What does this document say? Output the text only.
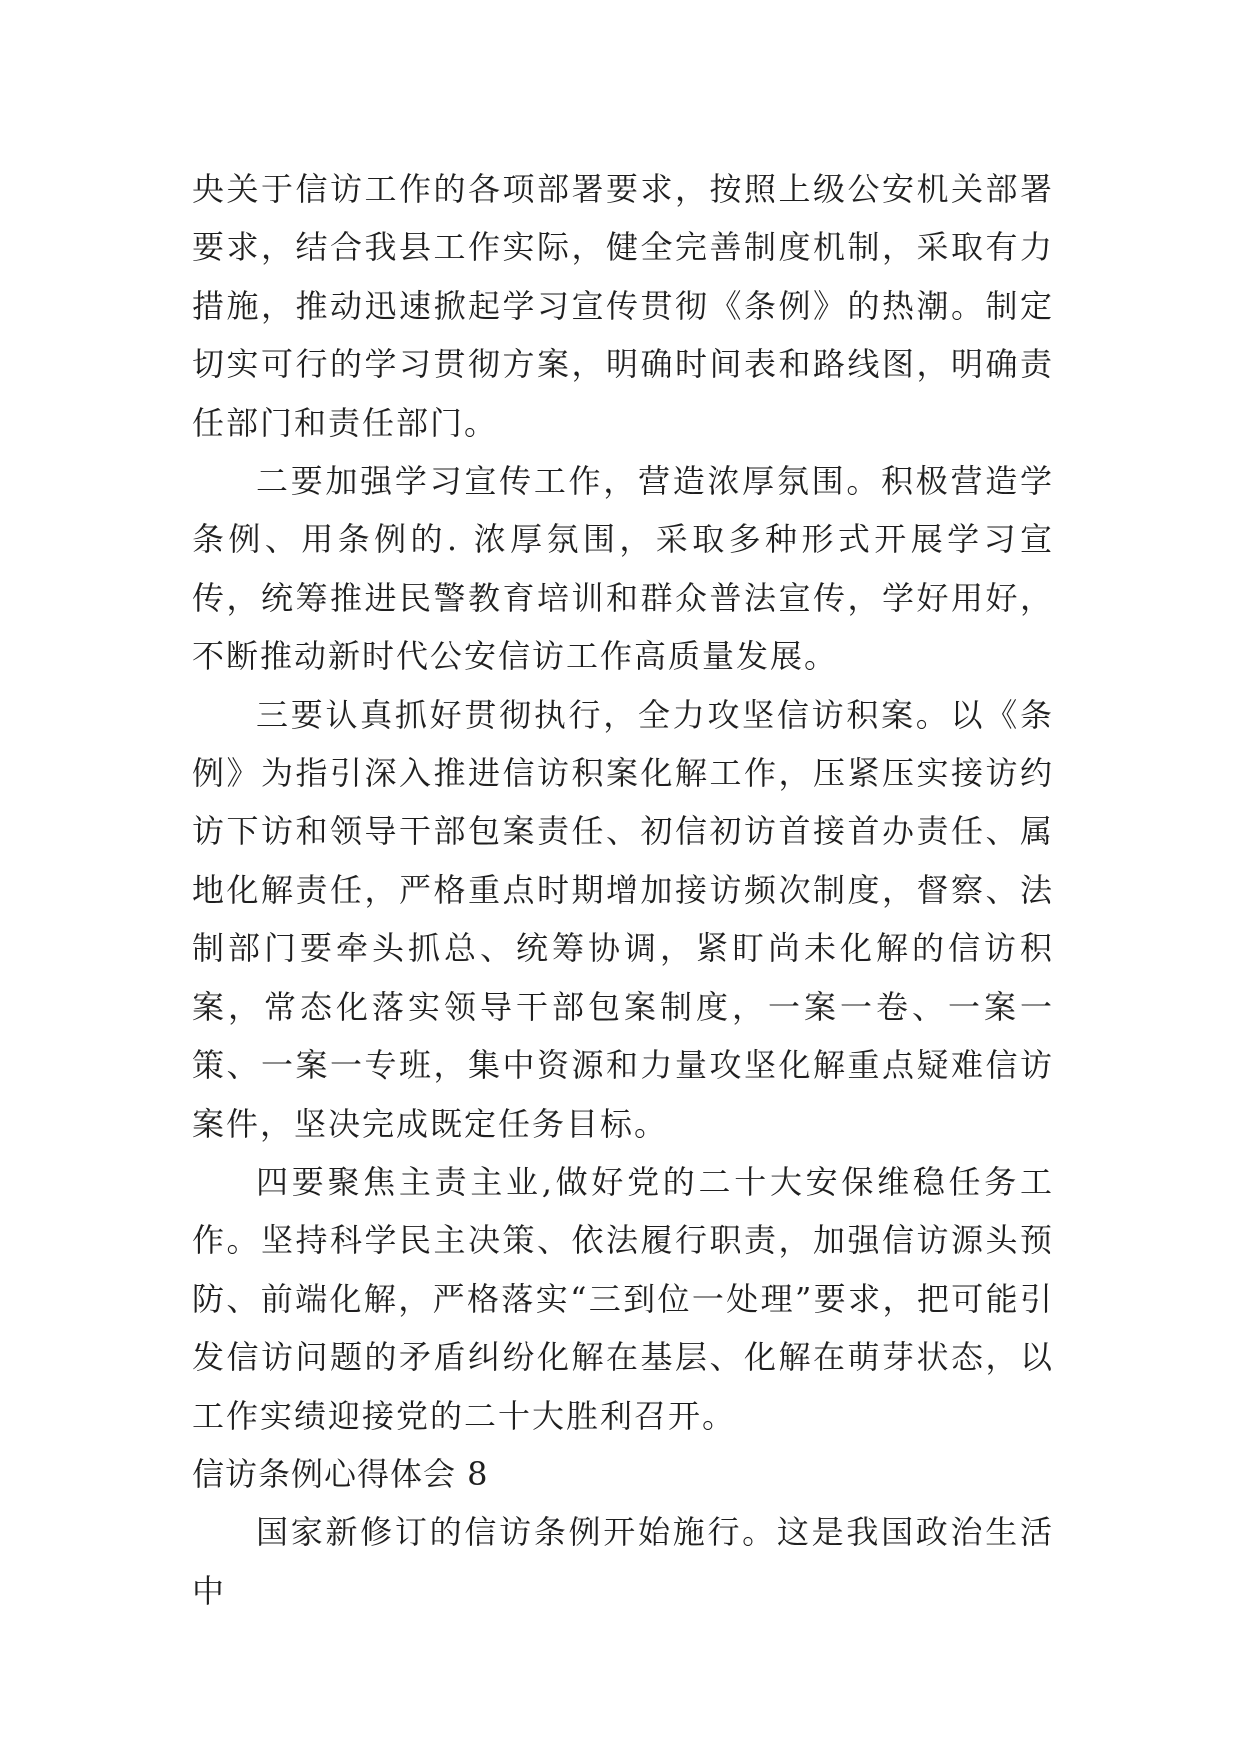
央关于信访工作的各项部署要求，按照上级公安机关部署要求，结合我县工作实际，健全完善制度机制，采取有力措施，推动迅速掀起学习宣传贯彻《条例》的热潮。制定切实可行的学习贯彻方案，明确时间表和路线图，明确责任部门和责任部门。

二要加强学习宣传工作，营造浓厚氛围。积极营造学条例、用条例的. 浓厚氛围，采取多种形式开展学习宣传，统筹推进民警教育培训和群众普法宣传，学好用好，不断推动新时代公安信访工作高质量发展。

三要认真抓好贯彻执行，全力攻坚信访积案。以《条例》为指引深入推进信访积案化解工作，压紧压实接访约访下访和领导干部包案责任、初信初访首接首办责任、属地化解责任，严格重点时期增加接访频次制度，督察、法制部门要牵头抓总、统筹协调，紧盯尚未化解的信访积案，常态化落实领导干部包案制度，一案一卷、一案一策、一案一专班，集中资源和力量攻坚化解重点疑难信访案件，坚决完成既定任务目标。

四要聚焦主责主业,做好党的二十大安保维稳任务工作。坚持科学民主决策、依法履行职责，加强信访源头预防、前端化解，严格落实“三到位一处理”要求，把可能引发信访问题的矛盾纠纷化解在基层、化解在萌芽状态，以工作实绩迎接党的二十大胜利召开。

信访条例心得体会 8

国家新修订的信访条例开始施行。这是我国政治生活中
